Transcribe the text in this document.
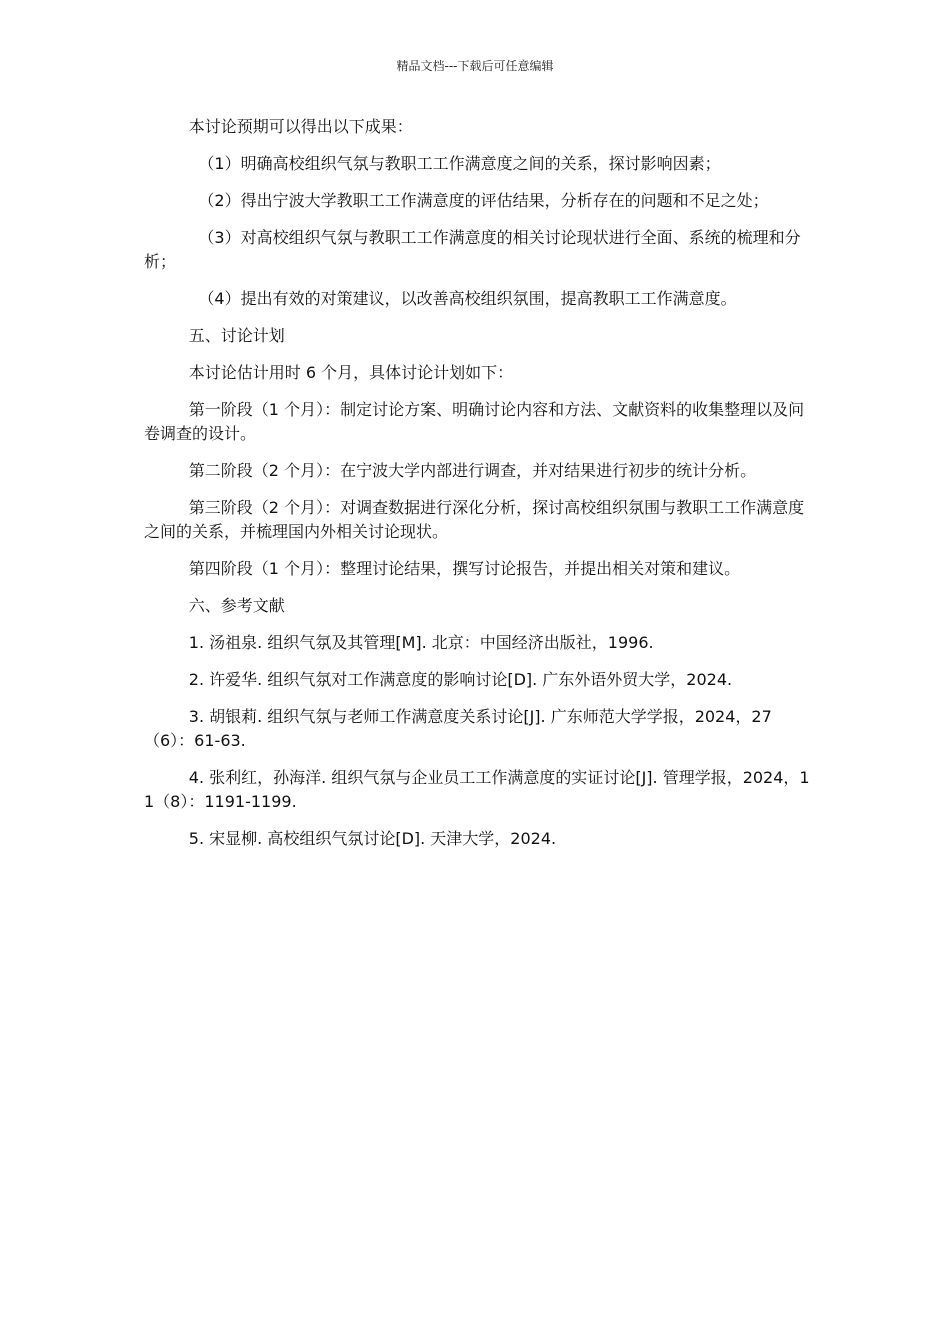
精品文档---下载后可任意编辑

本讨论预期可以得出以下成果：

（1）明确高校组织气氛与教职工工作满意度之间的关系，探讨影响因素；

（2）得出宁波大学教职工工作满意度的评估结果，分析存在的问题和不足之处；

（3）对高校组织气氛与教职工工作满意度的相关讨论现状进行全面、系统的梳理和分析；

（4）提出有效的对策建议，以改善高校组织氛围，提高教职工工作满意度。

五、讨论计划

本讨论估计用时 6 个月，具体讨论计划如下：

第一阶段（1 个月）：制定讨论方案、明确讨论内容和方法、文献资料的收集整理以及问卷调查的设计。

第二阶段（2 个月）：在宁波大学内部进行调查，并对结果进行初步的统计分析。

第三阶段（2 个月）：对调查数据进行深化分析，探讨高校组织氛围与教职工工作满意度之间的关系，并梳理国内外相关讨论现状。

第四阶段（1 个月）：整理讨论结果，撰写讨论报告，并提出相关对策和建议。

六、参考文献

1. 汤祖泉. 组织气氛及其管理[M]. 北京：中国经济出版社，1996.

2. 许爱华. 组织气氛对工作满意度的影响讨论[D]. 广东外语外贸大学，2024.

3. 胡银莉. 组织气氛与老师工作满意度关系讨论[J]. 广东师范大学学报，2024，27（6）：61-63.

4. 张利红，孙海洋. 组织气氛与企业员工工作满意度的实证讨论[J]. 管理学报，2024，11（8）：1191-1199.

5. 宋显柳. 高校组织气氛讨论[D]. 天津大学，2024.
